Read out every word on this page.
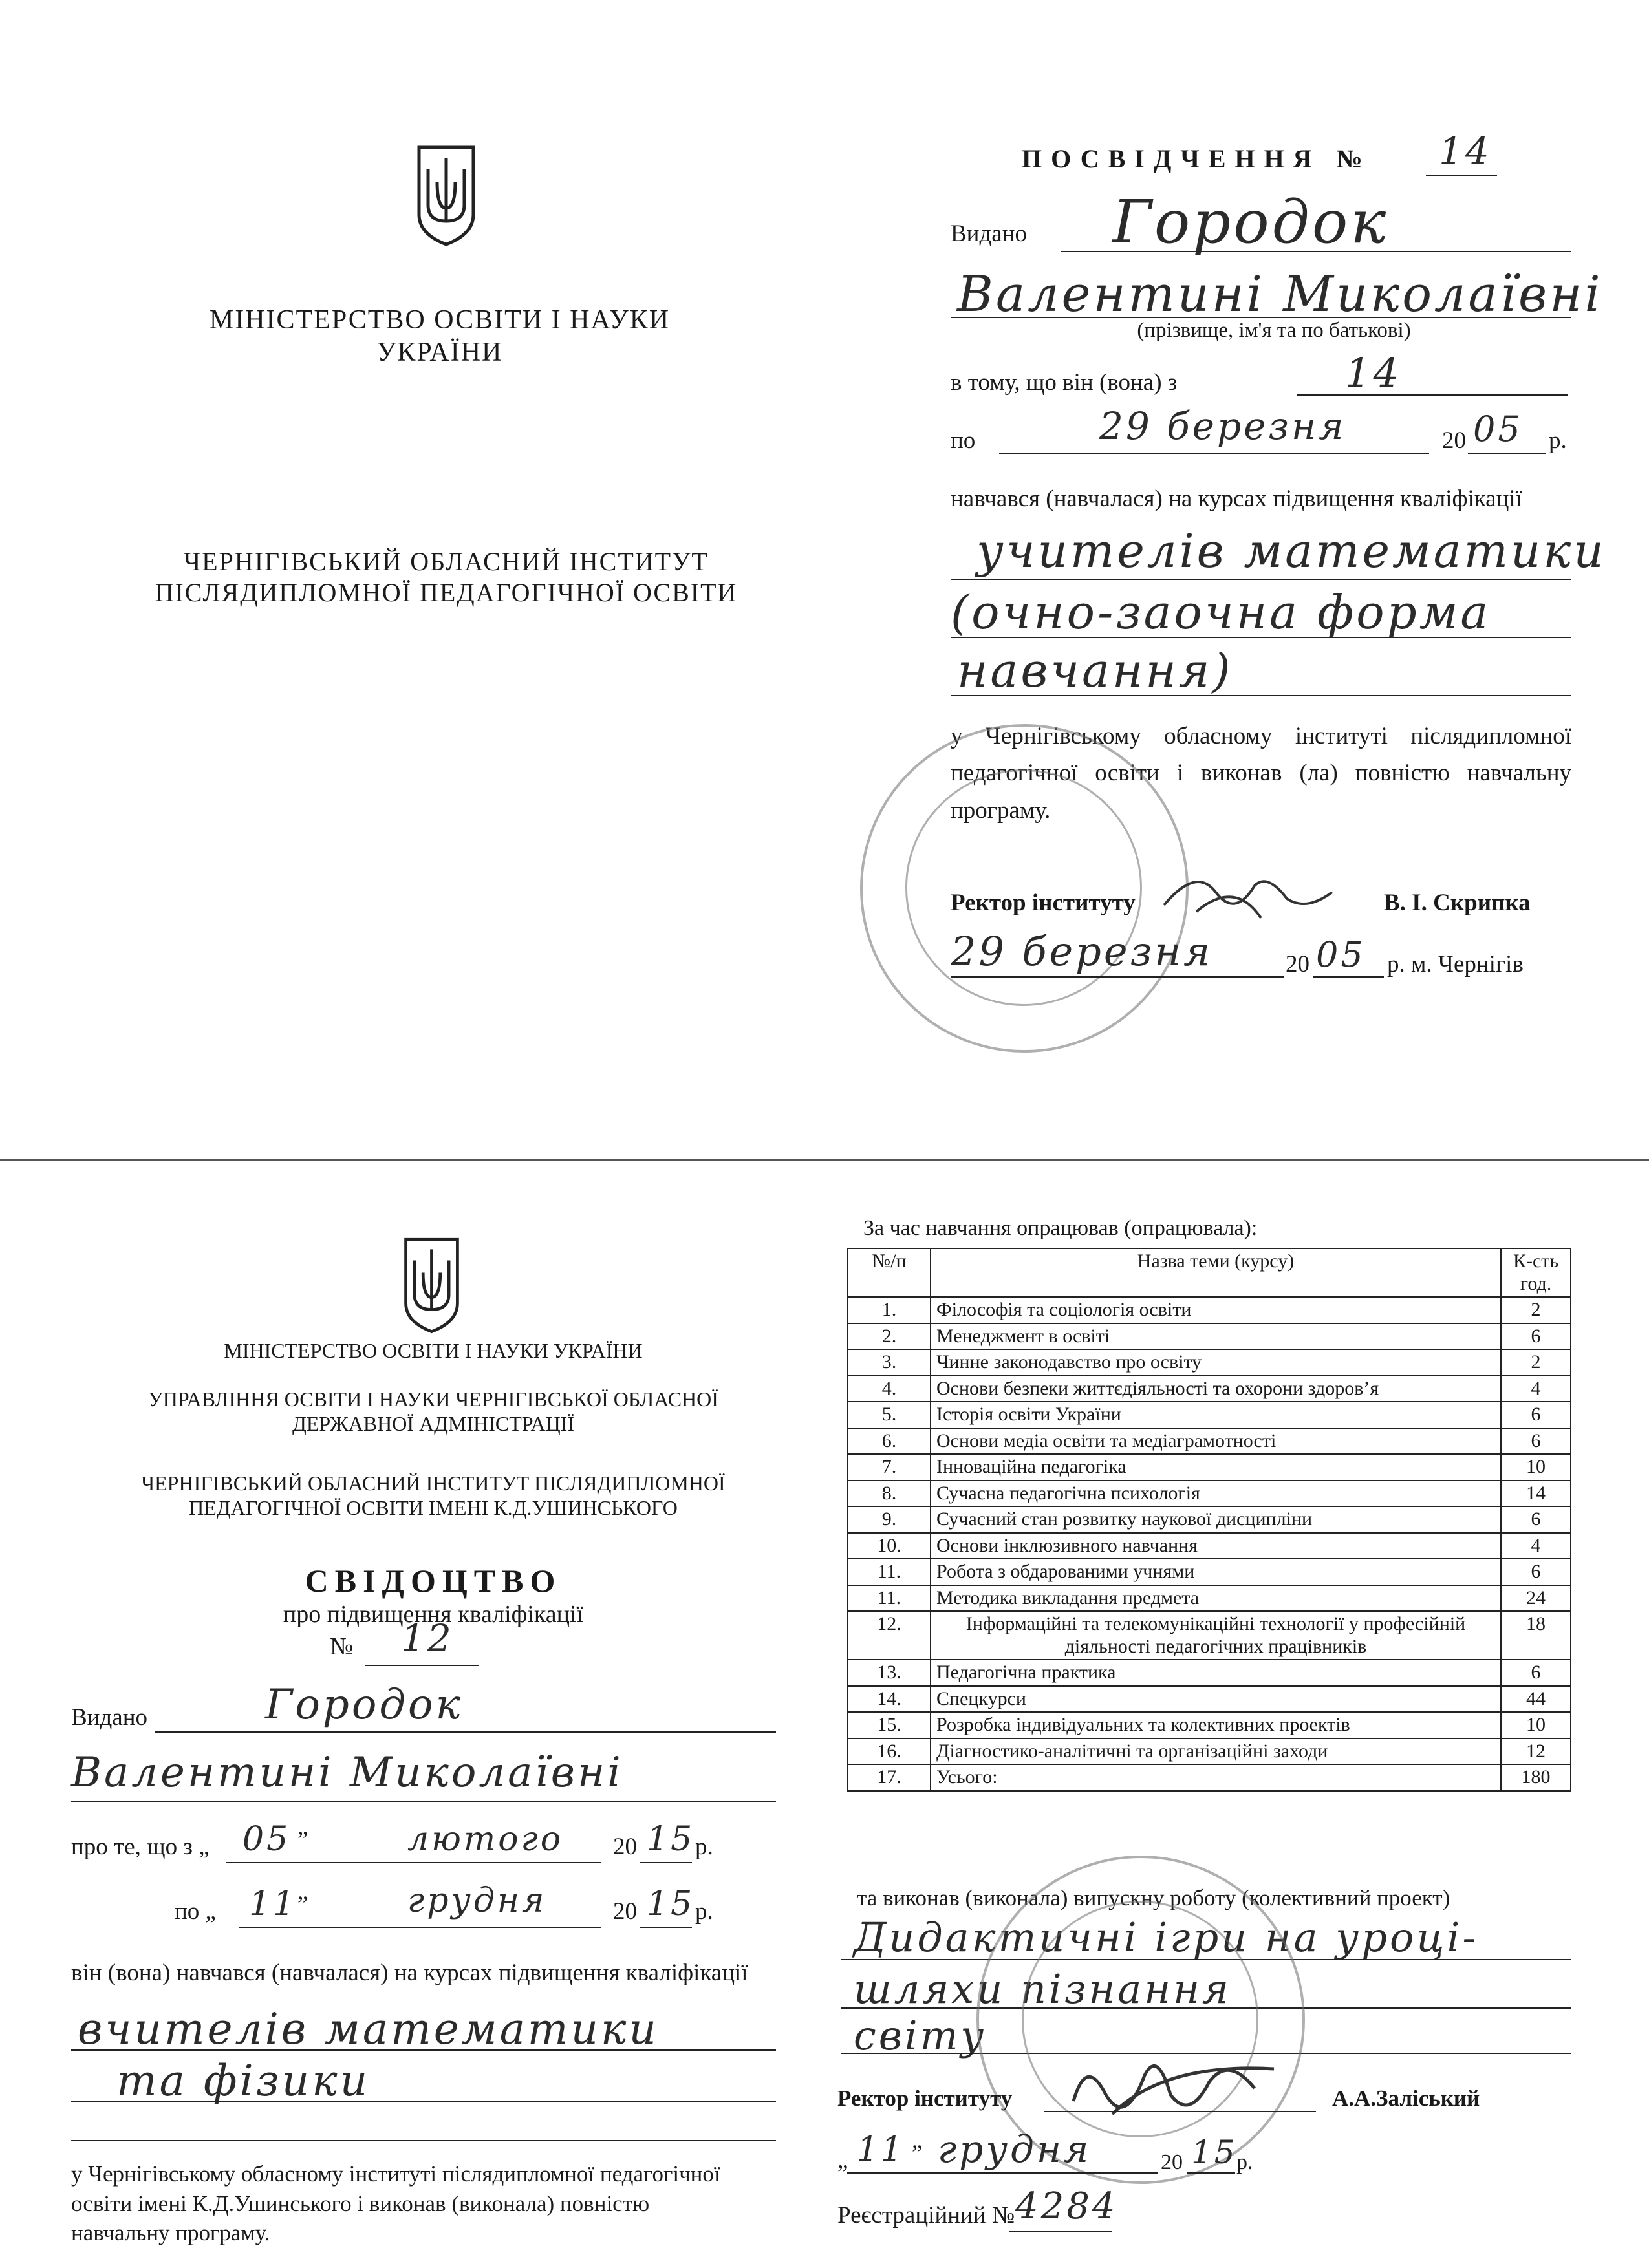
МІНІСТЕРСТВО ОСВІТИ І НАУКИ УКРАЇНИ
ЧЕРНІГІВСЬКИЙ ОБЛАСНИЙ ІНСТИТУТ ПІСЛЯДИПЛОМНОЇ ПЕДАГОГІЧНОЇ ОСВІТИ
ПОСВІДЧЕННЯ № 14
Видано Городок
Валентині Миколаївні
(прізвище, ім'я та по батькові)
в тому, що він (вона) з	14
по	29 березня	20 05 р.
навчався (навчалася) на курсах підвищення кваліфікації
учителів математики
(очно-заочна форма
навчання)
у Чернігівському обласному інституті післядипломної педагогічної освіти і виконав (ла) повністю навчальну програму.
Ректор інституту	В. І. Скрипка
29 березня	20 05 р. м. Чернігів
МІНІСТЕРСТВО ОСВІТИ І НАУКИ УКРАЇНИ
УПРАВЛІННЯ ОСВІТИ І НАУКИ ЧЕРНІГІВСЬКОЇ ОБЛАСНОЇ
ДЕРЖАВНОЇ АДМІНІСТРАЦІЇ
ЧЕРНІГІВСЬКИЙ ОБЛАСНИЙ ІНСТИТУТ ПІСЛЯДИПЛОМНОЇ
ПЕДАГОГІЧНОЇ ОСВІТИ ІМЕНІ К.Д.УШИНСЬКОГО
СВІДОЦТВО
про підвищення кваліфікації
№ 12
Видано	Городок
Валентині Миколаївні
про те, що з „ 05 ”	лютого 20 15 р.
по „ 11 ”	грудня	20 15 р.
він (вона) навчався (навчалася) на курсах підвищення кваліфікації
вчителів математики
та фізики
у Чернігівському обласному інституті післядипломної педагогічної освіти імені К.Д.Ушинського і виконав (виконала) повністю навчальну програму.
За час навчання опрацював (опрацювала):
№/п	Назва теми (курсу)	К-сть год.
1.	Філософія та соціологія освіти	2
2.	Менеджмент в освіті	6
3.	Чинне законодавство про освіту	2
4.	Основи безпеки життєдіяльності та охорони здоров’я	4
5.	Історія освіти України	6
6.	Основи медіа освіти та медіаграмотності	6
7.	Інноваційна педагогіка	10
8.	Сучасна педагогічна психологія	14
9.	Сучасний стан розвитку наукової дисципліни	6
10.	Основи інклюзивного навчання	4
11.	Робота з обдарованими учнями	6
11.	Методика викладання предмета	24
12.	Інформаційні та телекомунікаційні технології у професійній діяльності педагогічних працівників	18
13.	Педагогічна практика	6
14.	Спецкурси	44
15.	Розробка індивідуальних та колективних проектів	10
16.	Діагностико-аналітичні та організаційні заходи	12
17.	Усього:	180
та виконав (виконала) випускну роботу (колективний проект)
Дидактичні ігри на уроці-
шляхи пізнання
світу
Ректор інституту	А.А.Заліський
„ 11 ” грудня	20 15
р.
Реєстраційний № 4284
